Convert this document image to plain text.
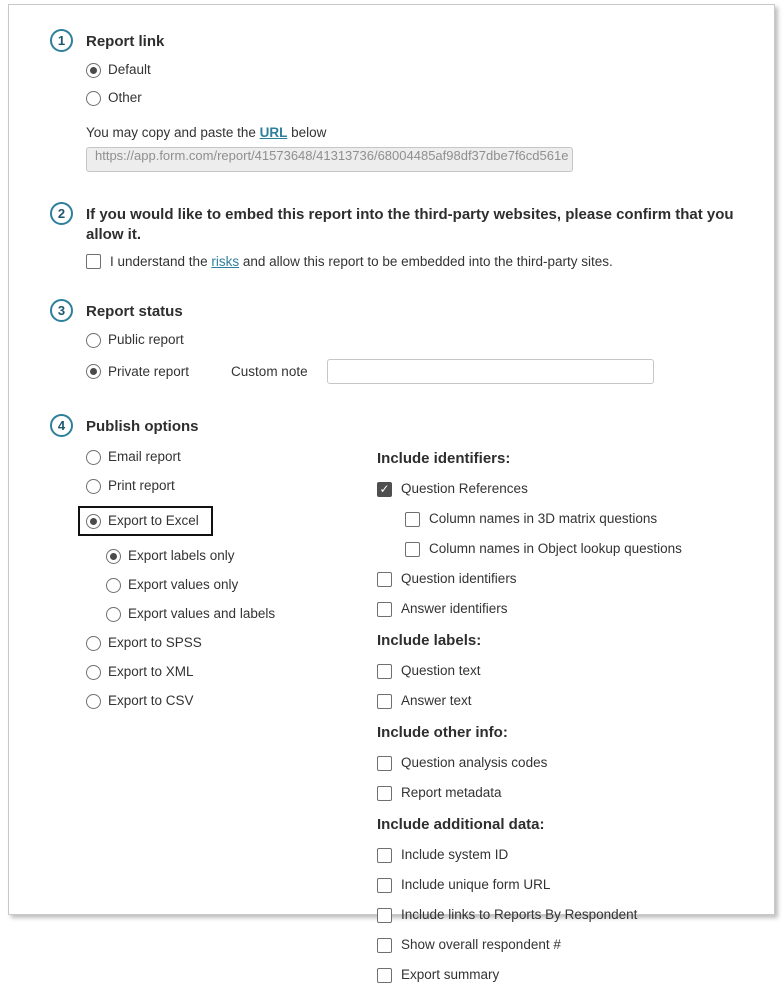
1	Report link
Default
Other
You may copy and paste the URL below
https://app.form.com/report/41573648/41313736/68004485af98df37dbe7f6cd561e
2	If you would like to embed this report into the third-party websites, please confirm that you allow it.
I understand the risks and allow this report to be embedded into the third-party sites.
3	Report status
Public report
Private report	Custom note
4	Publish options
Email report
Print report
Export to Excel
Export labels only
Export values only
Export values and labels
Export to SPSS
Export to XML
Export to CSV
Include identifiers:
✓ Question References
Column names in 3D matrix questions
Column names in Object lookup questions
Question identifiers
Answer identifiers
Include labels:
Question text
Answer text
Include other info:
Question analysis codes
Report metadata
Include additional data:
Include system ID
Include unique form URL
Include links to Reports By Respondent
Show overall respondent #
Export summary
